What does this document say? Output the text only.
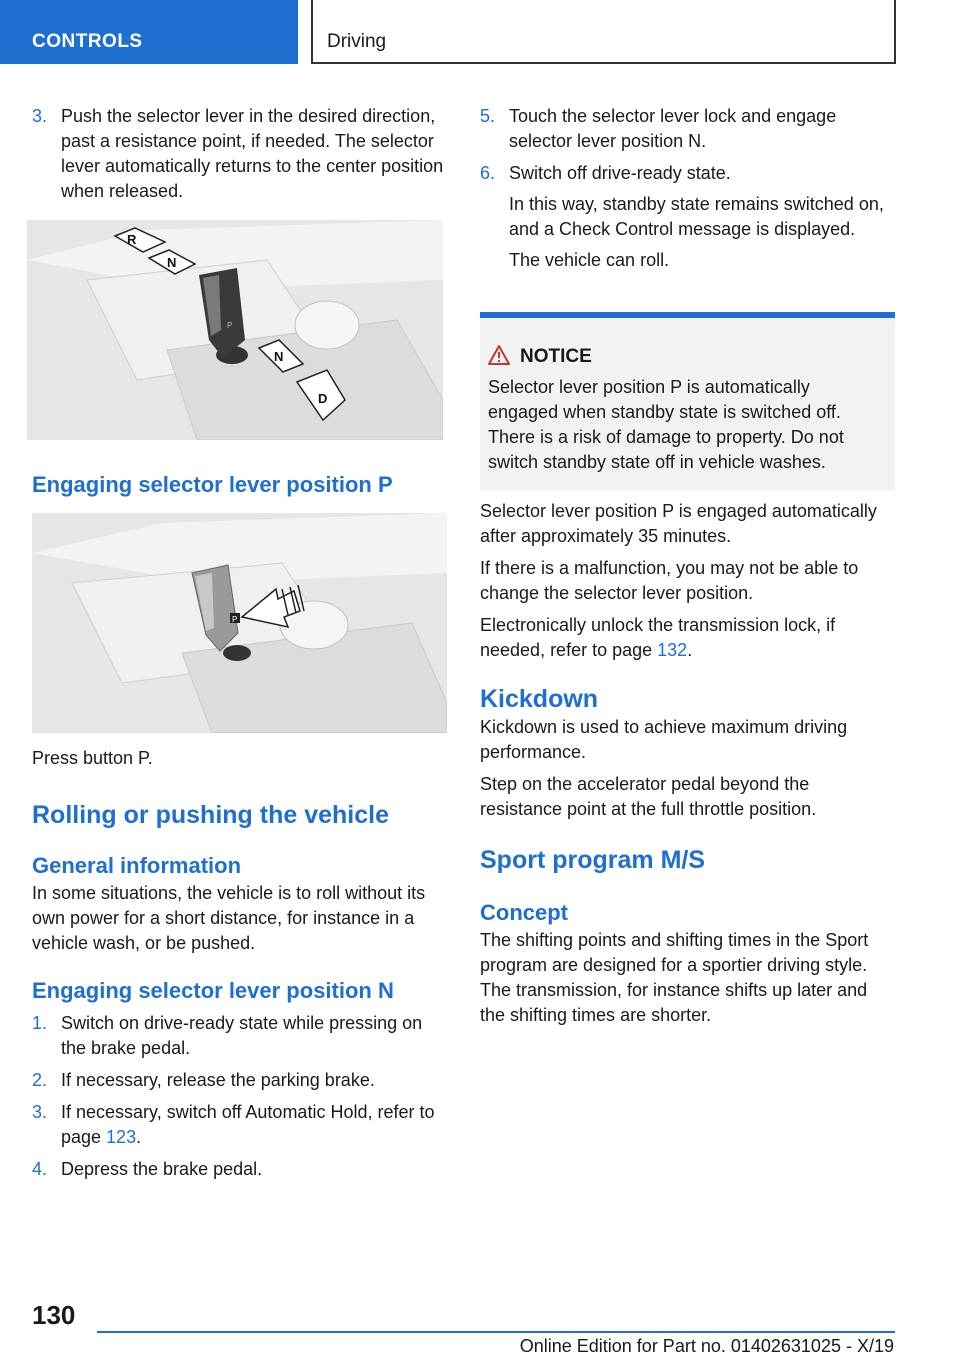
CONTROLS	Driving
3. Push the selector lever in the desired direction, past a resistance point, if needed. The selector lever automatically returns to the center position when released.
R
N
N
D
P
Engaging selector lever position P
P

Press button P.

Rolling or pushing the vehicle
General information

In some situations, the vehicle is to roll without its own power for a short distance, for instance in a vehicle wash, or be pushed.

Engaging selector lever position N
1. Switch on drive-ready state while pressing on the brake pedal.
2. If necessary, release the parking brake.
3. If necessary, switch off Automatic Hold, refer to page 123.
4. Depress the brake pedal.
5. Touch the selector lever lock and engage selector lever position N.
6. Switch off drive-ready state.
In this way, standby state remains switched on, and a Check Control message is displayed.
The vehicle can roll.
NOTICE
Selector lever position P is automatically engaged when standby state is switched off. There is a risk of damage to property. Do not switch standby state off in vehicle washes.

Selector lever position P is engaged automatically after approximately 35 minutes.

If there is a malfunction, you may not be able to change the selector lever position.

Electronically unlock the transmission lock, if needed, refer to page 132.

Kickdown

Kickdown is used to achieve maximum driving performance.

Step on the accelerator pedal beyond the resistance point at the full throttle position.

Sport program M/S
Concept

The shifting points and shifting times in the Sport program are designed for a sportier driving style. The transmission, for instance shifts up later and the shifting times are shorter.

130
Online Edition for Part no. 01402631025 - X/19
